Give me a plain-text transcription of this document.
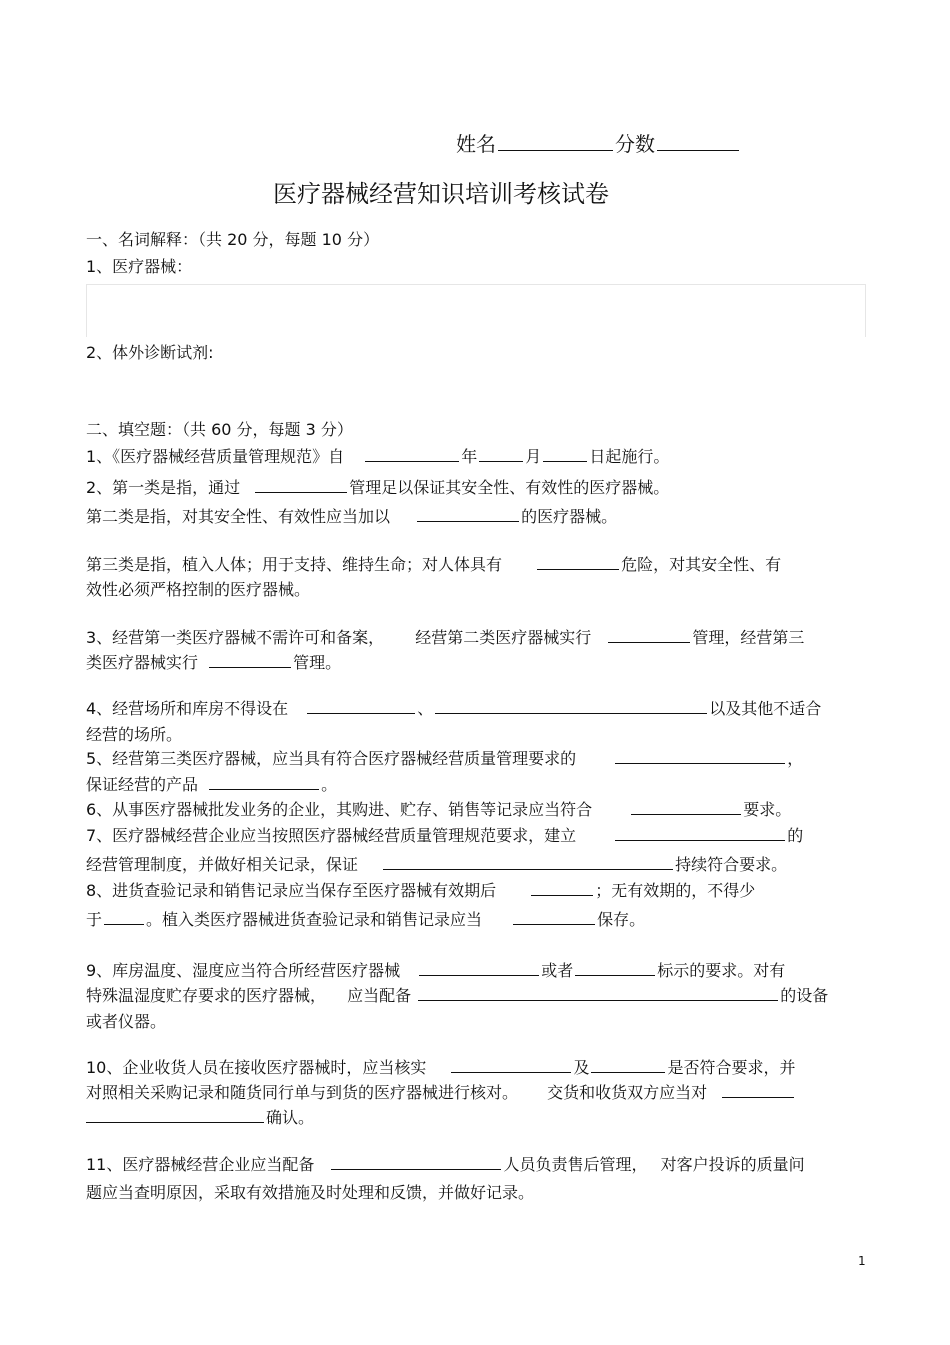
姓名	分数
医疗器械经营知识培训考核试卷
一、名词解释：（共 20 分，每题 10 分）
1、医疗器械：
2、体外诊断试剂:
二、填空题：（共 60 分，每题 3 分）
1、《医疗器械经营质量管理规范》自	年	月	日起施行。
2、第一类是指，通过	管理足以保证其安全性、有效性的医疗器械。
第二类是指，对其安全性、有效性应当加以	的医疗器械。
第三类是指，植入人体；用于支持、维持生命；对人体具有	危险，对其安全性、有
效性必须严格控制的医疗器械。
3、经营第一类医疗器械不需许可和备案， 经营第二类医疗器械实行	管理，经营第三
类医疗器械实行	管理。
4、经营场所和库房不得设在	、	以及其他不适合
经营的场所。
5、经营第三类医疗器械，应当具有符合医疗器械经营质量管理要求的	，
保证经营的产品	。
6、从事医疗器械批发业务的企业，其购进、贮存、销售等记录应当符合	要求。
7、医疗器械经营企业应当按照医疗器械经营质量管理规范要求，建立	的
经营管理制度，并做好相关记录，保证	持续符合要求。
8、进货查验记录和销售记录应当保存至医疗器械有效期后	；无有效期的，不得少
于	。植入类医疗器械进货查验记录和销售记录应当	保存。
9、库房温度、湿度应当符合所经营医疗器械	或者	标示的要求。对有
特殊温湿度贮存要求的医疗器械， 应当配备	的设备
或者仪器。
10、企业收货人员在接收医疗器械时，应当核实	及	是否符合要求，并
对照相关采购记录和随货同行单与到货的医疗器械进行核对。 交货和收货双方应当对
确认。
11、医疗器械经营企业应当配备	人员负责售后管理， 对客户投诉的质量问
题应当查明原因，采取有效措施及时处理和反馈，并做好记录。
1
